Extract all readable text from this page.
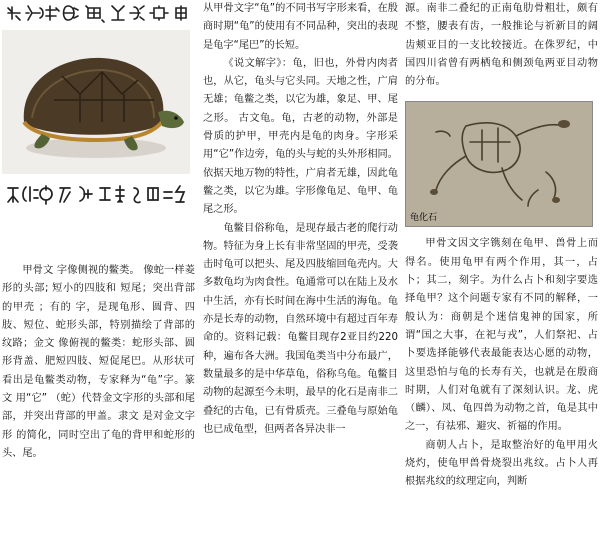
甲骨文 字像侧视的鳖类。 像蛇一样菱形的头部; 短小的四肢和 短尾；突出背部的甲壳 ；有的 字，是现龟形、圆背、四肢、短位、蛇形头部，特别描绘了背部的纹路；金文 像俯视的鳖类：蛇形头部、圆形背盖、肥短四肢、短促尾巴。从形状可看出是龟鳖类动物，专家释为“龟”字。篆文 用“它” （蛇）代替金文字形的头部和尾部，并突出背部的甲盖。隶文 是对金文字形 的简化，同时空出了龟的背甲和蛇形的头、尾。

从甲骨文字“龟”的不同书写字形来看，在殷商时期“龟”的使用有不同品种，突出的表现是龟字“尾巴”的长短。

《说文解字》：龟，旧也，外骨内肉者也，从它，龟头与它头同。天地之性，广肩无雄；龟鳖之类，以它为雄，象足、甲、尾之形。 古文龟。龟，古老的动物，外部是骨质的护甲，甲壳内是龟的肉身。字形采用“它”作边旁，龟的头与蛇的头外形相同。依据天地万物的特性，广肩者无雄，因此龟鳖之类，以它为雄。字形像龟足、龟甲、龟尾之形。

龟鳖目俗称龟，是现存最古老的爬行动物。特征为身上长有非常坚固的甲壳，受袭击时龟可以把头、尾及四肢缩回龟壳内。大多数龟均为肉食性。龟通常可以在陆上及水中生活，亦有长时间在海中生活的海龟。龟亦是长寿的动物，自然环境中有超过百年寿命的。资料记载：龟鳖目现存2亚目约220种，遍布各大洲。我国龟类当中分布最广，数量最多的是中华草龟，俗称乌龟。龟鳖目动物的起源至今未明，最早的化石是南非二叠纪的古龟，已有骨质壳。三叠龟与原始龟也已成龟型，但两者各异决非一

源。南非二叠纪的正南龟肋骨粗壮，颇有不整，腰表有齿，一般推论与祈新目的阔齿颊亚目的一支比较接近。在侏罗纪，中国四川省曾有两栖龟和侧颈龟两亚目动物的分布。

龟化石

甲骨文因文字镌刻在龟甲、兽骨上而得名。使用龟甲有两个作用，其一，占卜；其二，刻字。为什么占卜和刻字要选择龟甲？这个问题专家有不同的解释，一般认为：商朝是个迷信鬼神的国家，所谓“国之大事，在祀与戎”，人们祭祀、占卜要选择能够代表最能表达心愿的动物，这里恐怕与龟的长寿有关，也就是在殷商时期，人们对龟就有了深刻认识。龙、虎（麟）、凤、龟四兽为动物之首，龟是其中之一，有祛邪、避灾、祈福的作用。

商朝人占卜，是取整治好的龟甲用火烧灼，使龟甲兽骨烧裂出兆纹。占卜人再根据兆纹的纹理定向，判断
